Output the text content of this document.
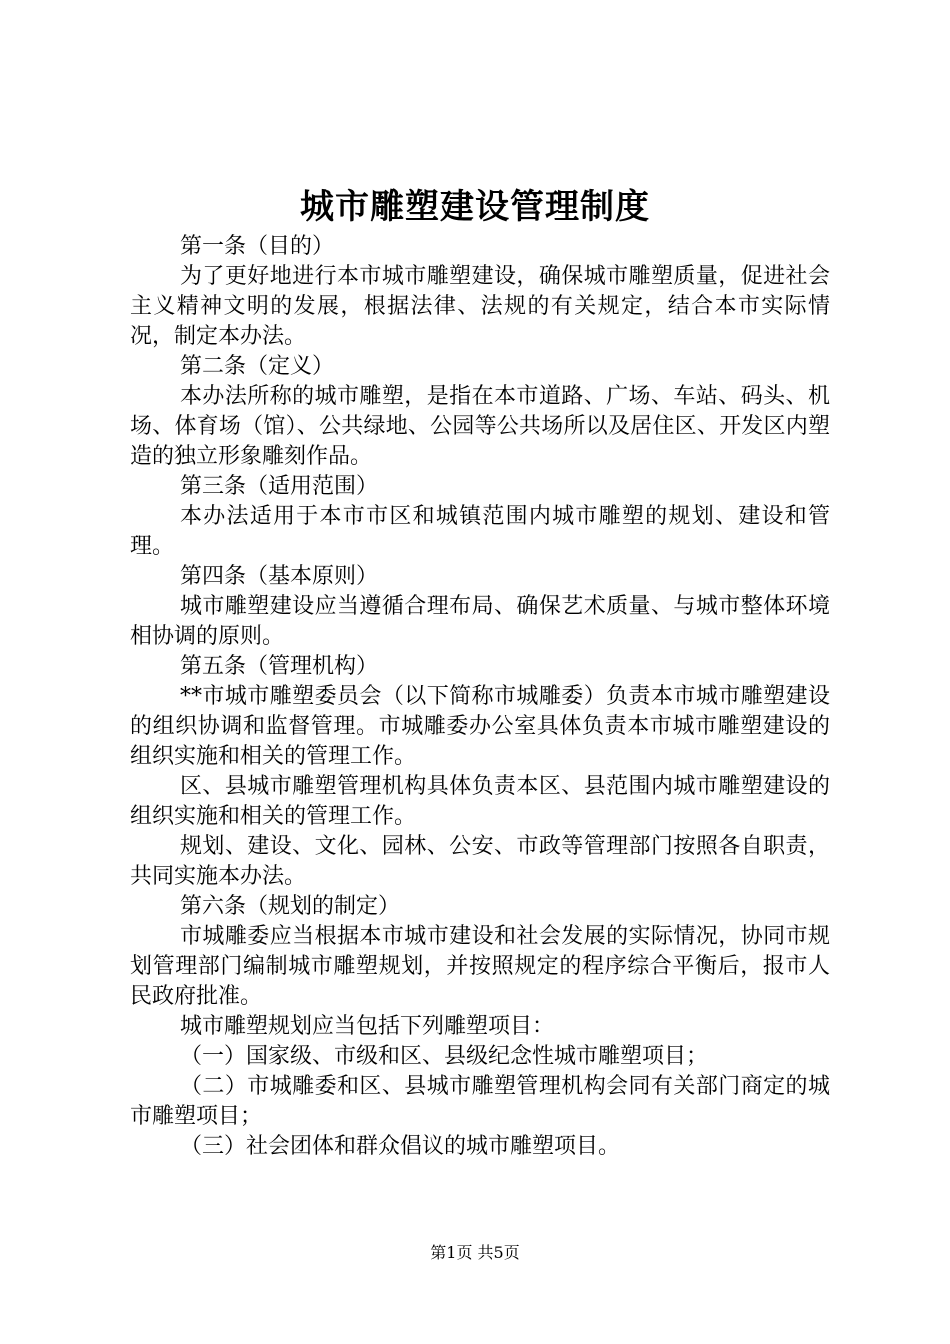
城市雕塑建设管理制度

第一条（目的）

为了更好地进行本市城市雕塑建设，确保城市雕塑质量，促进社会主义精神文明的发展，根据法律、法规的有关规定，结合本市实际情况，制定本办法。

第二条（定义）

本办法所称的城市雕塑，是指在本市道路、广场、车站、码头、机场、体育场（馆）、公共绿地、公园等公共场所以及居住区、开发区内塑造的独立形象雕刻作品。

第三条（适用范围）

本办法适用于本市市区和城镇范围内城市雕塑的规划、建设和管理。

第四条（基本原则）

城市雕塑建设应当遵循合理布局、确保艺术质量、与城市整体环境相协调的原则。

第五条（管理机构）

**市城市雕塑委员会（以下简称市城雕委）负责本市城市雕塑建设的组织协调和监督管理。市城雕委办公室具体负责本市城市雕塑建设的组织实施和相关的管理工作。

区、县城市雕塑管理机构具体负责本区、县范围内城市雕塑建设的组织实施和相关的管理工作。

规划、建设、文化、园林、公安、市政等管理部门按照各自职责，共同实施本办法。

第六条（规划的制定）

市城雕委应当根据本市城市建设和社会发展的实际情况，协同市规划管理部门编制城市雕塑规划，并按照规定的程序综合平衡后，报市人民政府批准。

城市雕塑规划应当包括下列雕塑项目：

（一）国家级、市级和区、县级纪念性城市雕塑项目；

（二）市城雕委和区、县城市雕塑管理机构会同有关部门商定的城市雕塑项目；

（三）社会团体和群众倡议的城市雕塑项目。

第1页 共5页
